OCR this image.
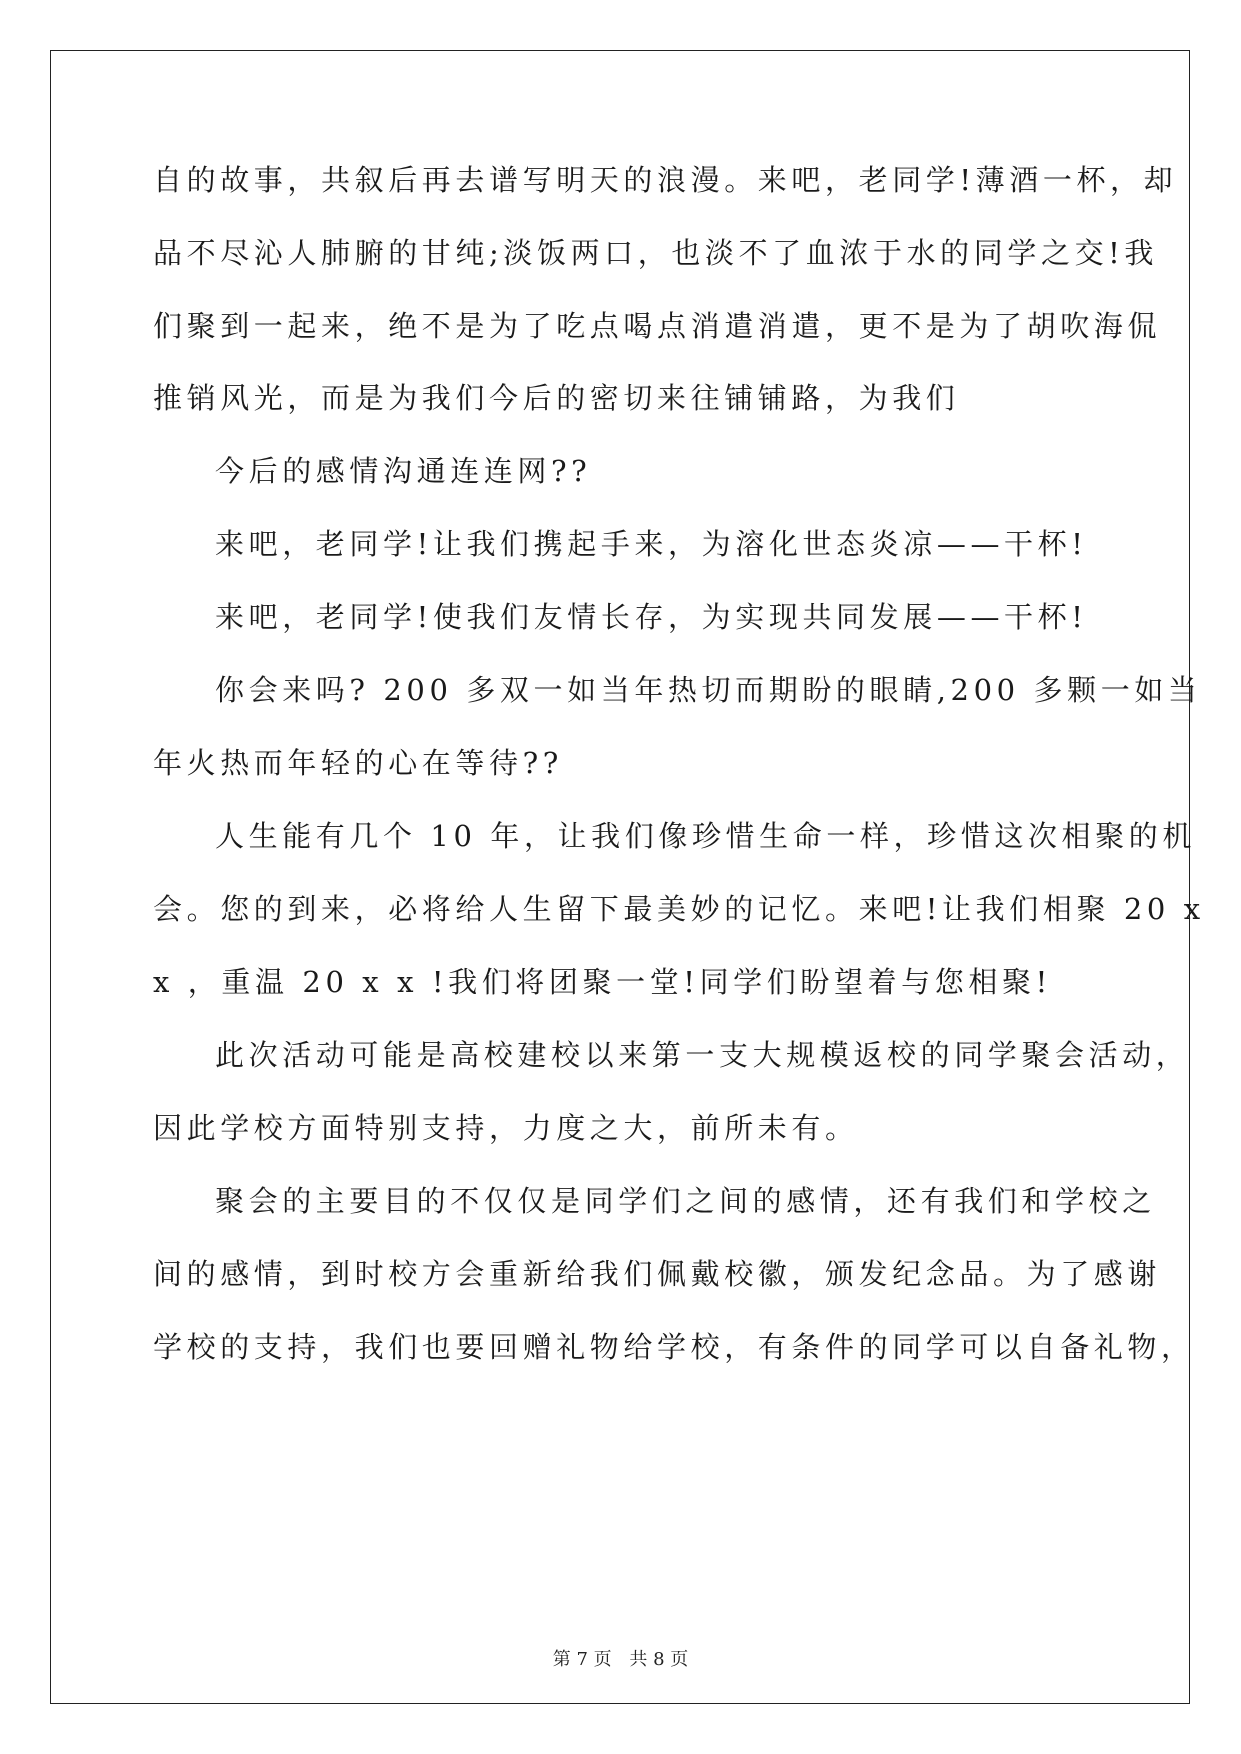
自的故事，共叙后再去谱写明天的浪漫。来吧，老同学!薄酒一杯，却
品不尽沁人肺腑的甘纯;淡饭两口，也淡不了血浓于水的同学之交!我
们聚到一起来，绝不是为了吃点喝点消遣消遣，更不是为了胡吹海侃
推销风光，而是为我们今后的密切来往铺铺路，为我们
今后的感情沟通连连网??
来吧，老同学!让我们携起手来，为溶化世态炎凉——干杯!
来吧，老同学!使我们友情长存，为实现共同发展——干杯!
你会来吗? 200 多双一如当年热切而期盼的眼睛,200 多颗一如当
年火热而年轻的心在等待??
人生能有几个 10 年，让我们像珍惜生命一样，珍惜这次相聚的机
会。您的到来，必将给人生留下最美妙的记忆。来吧!让我们相聚 20 x
x ，重温 20 x x !我们将团聚一堂!同学们盼望着与您相聚!
此次活动可能是高校建校以来第一支大规模返校的同学聚会活动，
因此学校方面特别支持，力度之大，前所未有。
聚会的主要目的不仅仅是同学们之间的感情，还有我们和学校之
间的感情，到时校方会重新给我们佩戴校徽，颁发纪念品。为了感谢
学校的支持，我们也要回赠礼物给学校，有条件的同学可以自备礼物，
第 7 页 共 8 页
